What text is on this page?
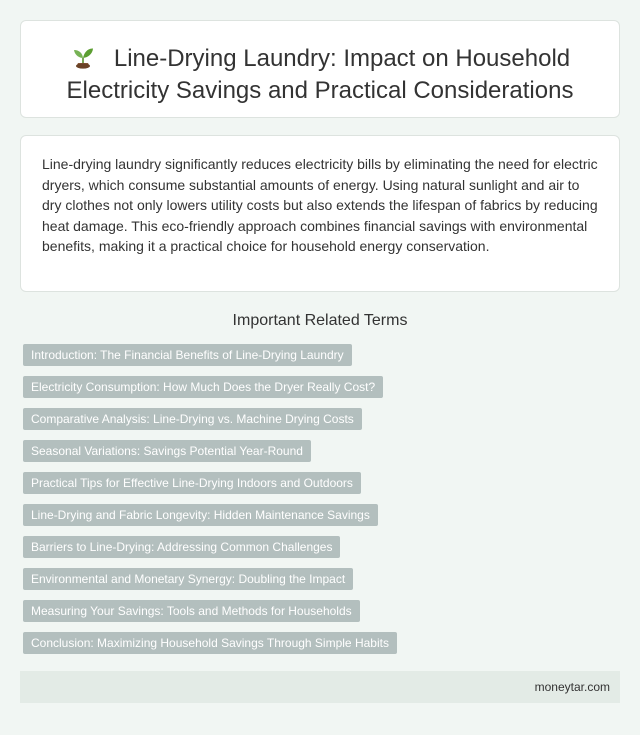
Line-Drying Laundry: Impact on Household Electricity Savings and Practical Considerations

Line-drying laundry significantly reduces electricity bills by eliminating the need for electric dryers, which consume substantial amounts of energy. Using natural sunlight and air to dry clothes not only lowers utility costs but also extends the lifespan of fabrics by reducing heat damage. This eco-friendly approach combines financial savings with environmental benefits, making it a practical choice for household energy conservation.

Important Related Terms
Introduction: The Financial Benefits of Line-Drying Laundry
Electricity Consumption: How Much Does the Dryer Really Cost?
Comparative Analysis: Line-Drying vs. Machine Drying Costs
Seasonal Variations: Savings Potential Year-Round
Practical Tips for Effective Line-Drying Indoors and Outdoors
Line-Drying and Fabric Longevity: Hidden Maintenance Savings
Barriers to Line-Drying: Addressing Common Challenges
Environmental and Monetary Synergy: Doubling the Impact
Measuring Your Savings: Tools and Methods for Households
Conclusion: Maximizing Household Savings Through Simple Habits
moneytar.com
